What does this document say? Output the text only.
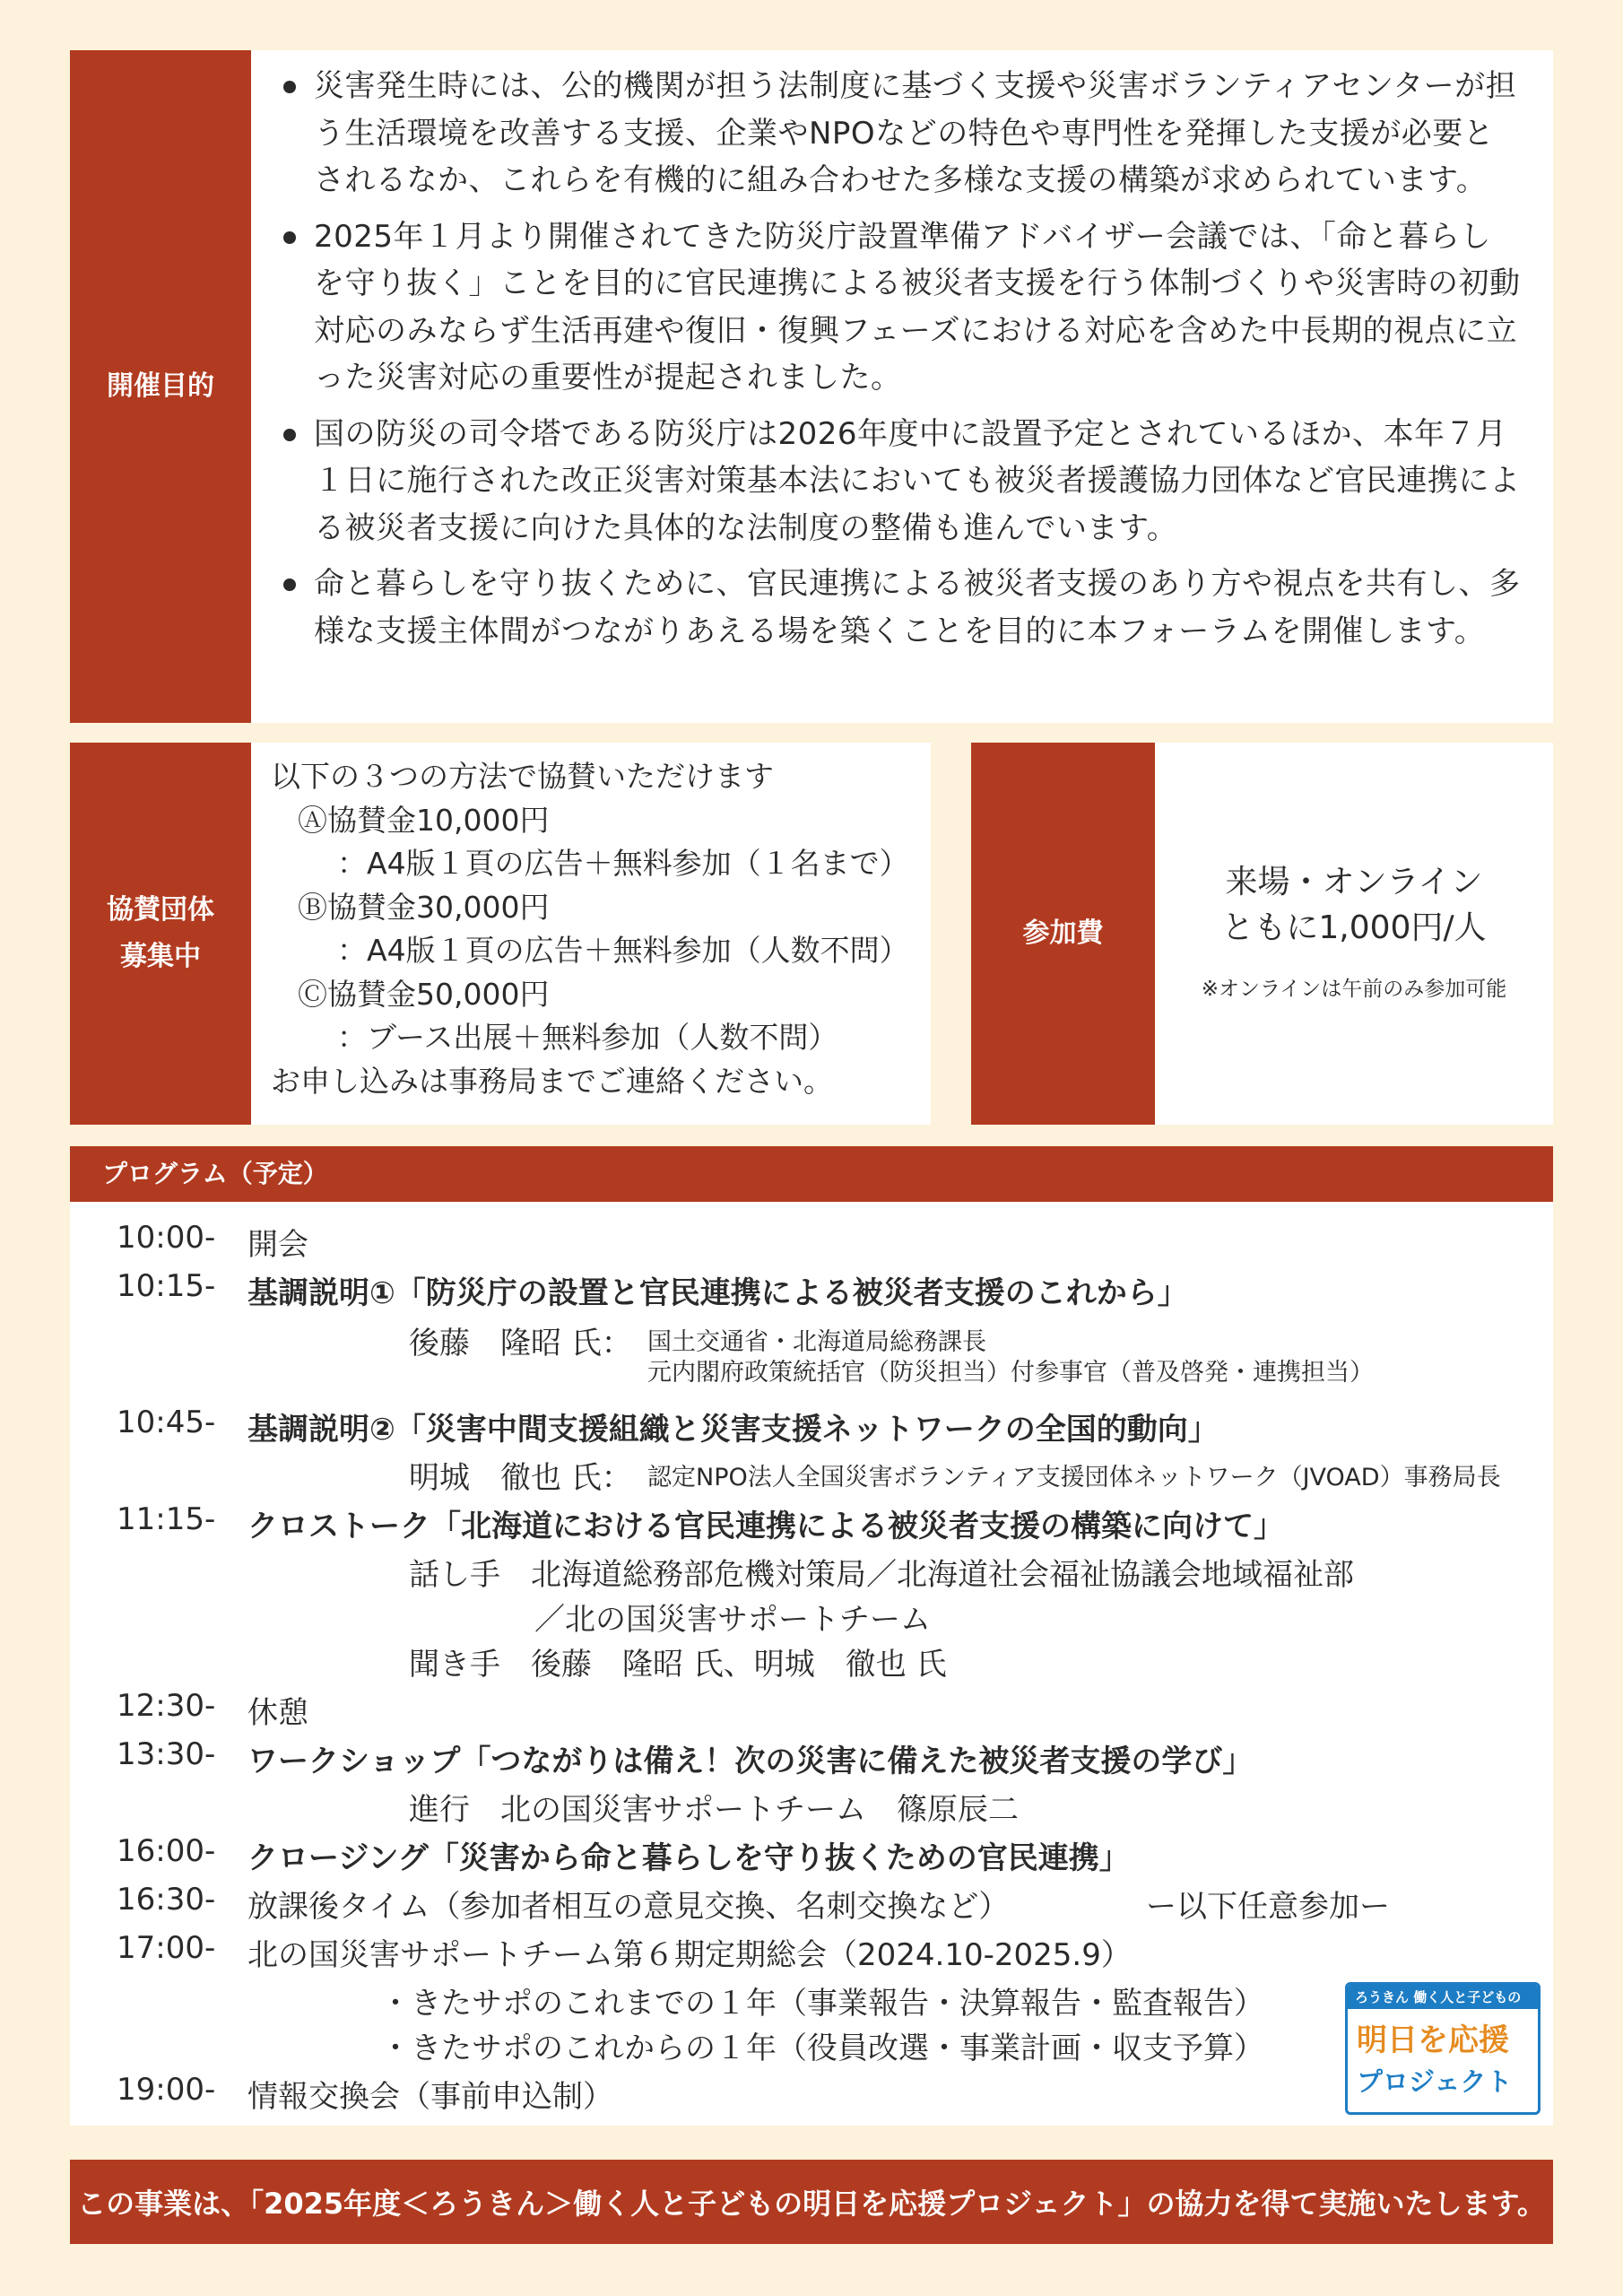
開催目的
災害発生時には、公的機関が担う法制度に基づく支援や災害ボランティアセンターが担う生活環境を改善する支援、企業やNPOなどの特色や専門性を発揮した支援が必要とされるなか、これらを有機的に組み合わせた多様な支援の構築が求められています。
2025年１月より開催されてきた防災庁設置準備アドバイザー会議では、「命と暮らしを守り抜く」ことを目的に官民連携による被災者支援を行う体制づくりや災害時の初動対応のみならず生活再建や復旧・復興フェーズにおける対応を含めた中長期的視点に立った災害対応の重要性が提起されました。
国の防災の司令塔である防災庁は2026年度中に設置予定とされているほか、本年７月１日に施行された改正災害対策基本法においても被災者援護協力団体など官民連携による被災者支援に向けた具体的な法制度の整備も進んでいます。
命と暮らしを守り抜くために、官民連携による被災者支援のあり方や視点を共有し、多様な支援主体間がつながりあえる場を築くことを目的に本フォーラムを開催します。
協賛団体
募集中
以下の３つの方法で協賛いただけます
Ⓐ協賛金10,000円
：A4版１頁の広告＋無料参加（１名まで）
Ⓑ協賛金30,000円
：A4版１頁の広告＋無料参加（人数不問）
Ⓒ協賛金50,000円
：ブース出展＋無料参加（人数不問）
お申し込みは事務局までご連絡ください。
参加費
来場・オンライン
ともに1,000円/人
※オンラインは午前のみ参加可能
プログラム（予定）
10:00- 開会
10:15- 基調説明①「防災庁の設置と官民連携による被災者支援のこれから」
後藤　隆昭 氏： 国土交通省・北海道局総務課長
元内閣府政策統括官（防災担当）付参事官（普及啓発・連携担当）
10:45- 基調説明②「災害中間支援組織と災害支援ネットワークの全国的動向」
明城　徹也 氏： 認定NPO法人全国災害ボランティア支援団体ネットワーク（JVOAD）事務局長
11:15- クロストーク「北海道における官民連携による被災者支援の構築に向けて」
話し手　北海道総務部危機対策局／北海道社会福祉協議会地域福祉部
／北の国災害サポートチーム
聞き手　後藤　隆昭 氏、明城　徹也 氏
12:30- 休憩
13:30- ワークショップ「つながりは備え！次の災害に備えた被災者支援の学び」
進行　北の国災害サポートチーム　篠原辰二
16:00- クロージング「災害から命と暮らしを守り抜くための官民連携」
16:30- 放課後タイム（参加者相互の意見交換、名刺交換など）	ー以下任意参加ー
17:00- 北の国災害サポートチーム第６期定期総会（2024.10-2025.9）
・きたサポのこれまでの１年（事業報告・決算報告・監査報告）
・きたサポのこれからの１年（役員改選・事業計画・収支予算）
19:00- 情報交換会（事前申込制）
ろうきん 働く人と子どもの
明日を応援
プロジェクト
この事業は、「2025年度＜ろうきん＞働く人と子どもの明日を応援プロジェクト」の協力を得て実施いたします。
